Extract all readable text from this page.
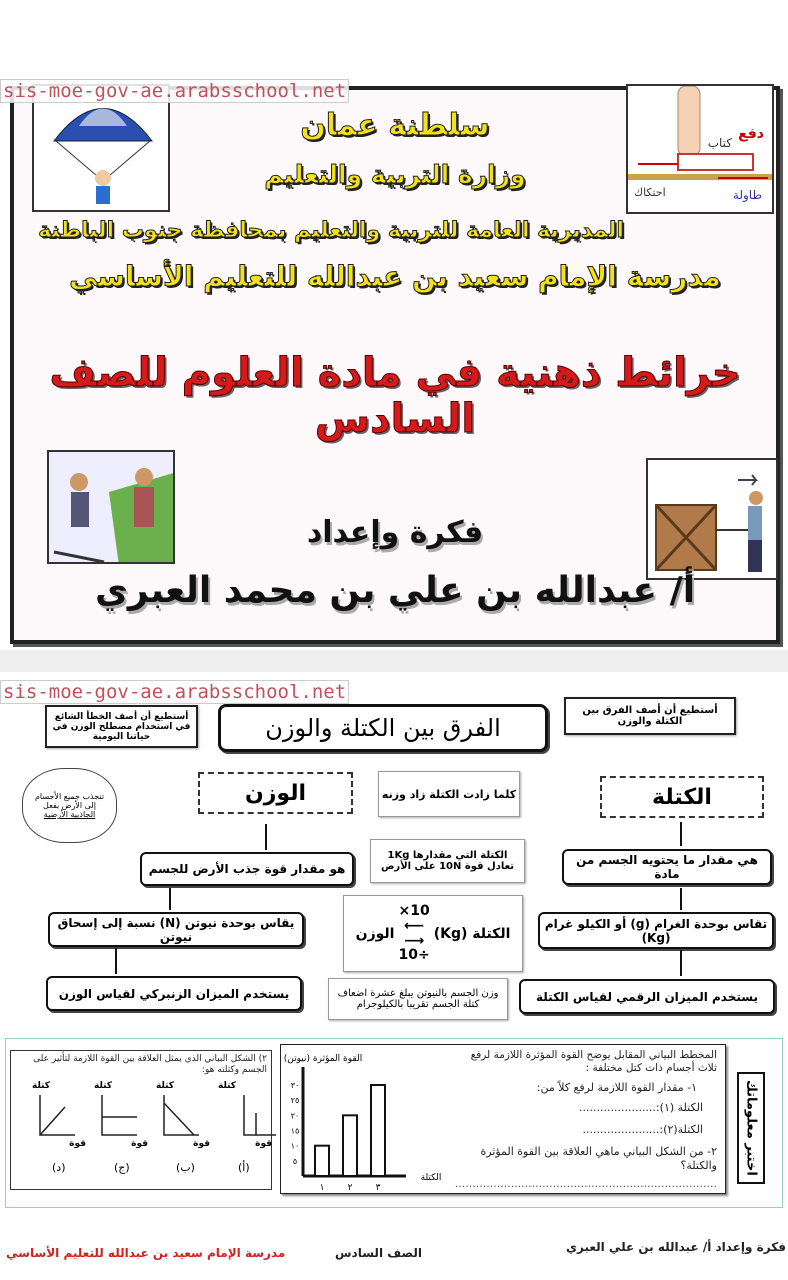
دفع
كتاب
احتكاك	طاولة
سلطنة عمان
وزارة التربية والتعليم
المديرية العامة للتربية والتعليم بمحافظة جنوب الباطنة
مدرسة الإمام سعيد بن عبدالله للتعليم الأساسي
خرائط ذهنية في مادة العلوم للصف السادس
فكرة وإعداد
أ/ عبدالله بن علي بن محمد العبري
sis-moe-gov-ae.arabsschool.net
sis-moe-gov-ae.arabsschool.net
الفرق بين الكتلة والوزن
أستطيع أن أصف الفرق بين الكتلة والوزن
أستطيع أن أصف الخطأ الشائع في استخدام مصطلح الوزن في حياتنا اليومية
تنجذب جميع الأجسام إلى الأرض بفعل
الجاذبية الأرضية
الوزن	الكتلة
كلما زادت الكتلة زاد وزنه
الكتلة التي مقدارها 1Kg تعادل قوة 10N على الأرض
الكتلة (Kg)
10×
⟵
⟶
÷10
الوزن
وزن الجسم بالنيوتن يبلغ عشرة اضعاف كتلة الجسم تقريبا بالكيلوجرام
هو مقدار قوة جذب الأرض للجسم
يقاس بوحدة نيوتن (N) نسبة إلى إسحاق نيوتن
يستخدم الميزان الزنبركي لقياس الوزن
هي مقدار ما يحتويه الجسم من مادة
تقاس بوحدة الغرام (g) أو الكيلو غرام (Kg)
يستخدم الميزان الرقمي لقياس الكتلة
اختبر معلوماتك
المخطط البياني المقابل يوضح القوة المؤثرة اللازمة لرفع ثلاث أجسام ذات كتل مختلفة :
١- مقدار القوة اللازمة لرفع كلاً من:
الكتلة (١):......................
الكتلة(٢):......................
٢- من الشكل البياني ماهي العلاقة بين القوة المؤثرة والكتلة؟
...........................................................................
القوة المؤثرة (نيوتن)
الكتلة
٥
١٠
١٥
٢٠
٢٥
٣٠
١	٢	٣
٢) الشكل البياني الذي يمثل العلاقة بين القوة اللازمة لتأثير على الجسم وكتلته هو:
كتلة
قوة
(أ)
كتلة
قوة
(ب)
كتلة
قوة
(ج)
كتلة
قوة
(د)
فكرة وإعداد أ/ عبدالله بن علي العبري
الصف السادس
مدرسة الإمام سعيد بن عبدالله للتعليم الأساسي
